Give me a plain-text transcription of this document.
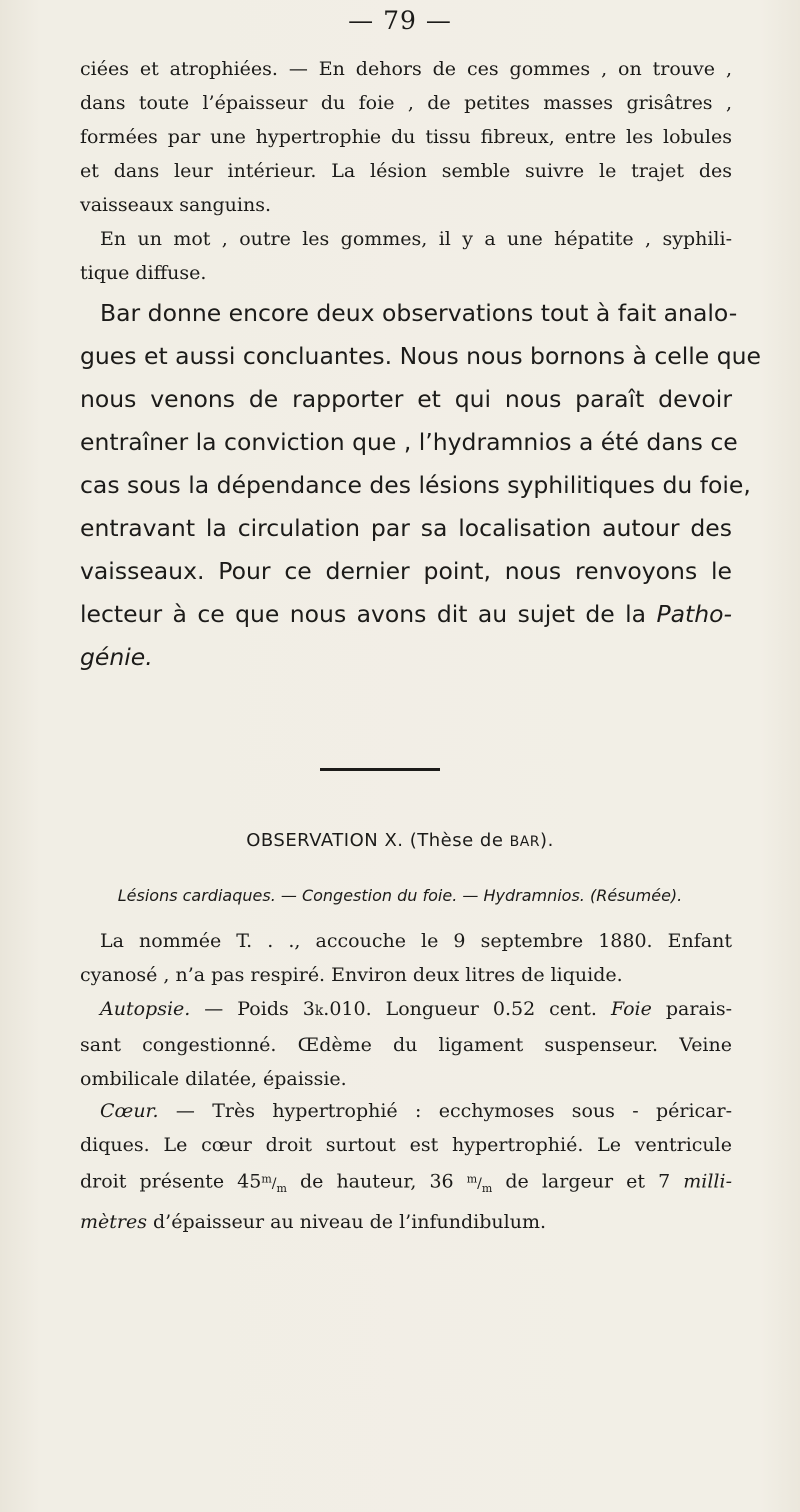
— 79 —
ciées et atrophiées. — En dehors de ces gommes , on trouve ,
dans toute l’épaisseur du foie , de petites masses grisâtres ,
formées par une hypertrophie du tissu fibreux, entre les lobules
et dans leur intérieur. La lésion semble suivre le trajet des
vaisseaux sanguins.
En un mot , outre les gommes, il y a une hépatite , syphili-
tique diffuse.
Bar donne encore deux observations tout à fait analo-
gues et aussi concluantes. Nous nous bornons à celle que
nous venons de rapporter et qui nous paraît devoir
entraîner la conviction que , l’hydramnios a été dans ce
cas sous la dépendance des lésions syphilitiques du foie,
entravant la circulation par sa localisation autour des
vaisseaux. Pour ce dernier point, nous renvoyons le
lecteur à ce que nous avons dit au sujet de la Patho-
génie.
OBSERVATION X. (Thèse de BAR).
Lésions cardiaques. — Congestion du foie. — Hydramnios. (Résumée).
La nommée T. . ., accouche le 9 septembre 1880. Enfant
cyanosé , n’a pas respiré. Environ deux litres de liquide.
Autopsie. — Poids 3k.010. Longueur 0.52 cent. Foie parais-
sant congestionné. Œdème du ligament suspenseur. Veine
ombilicale dilatée, épaissie.
Cœur. — Très hypertrophié : ecchymoses sous - péricar-
diques. Le cœur droit surtout est hypertrophié. Le ventricule
droit présente $45^m/_m$ de hauteur, 36 $^m/_m$ de largeur et 7 milli-
mètres d’épaisseur au niveau de l’infundibulum.
